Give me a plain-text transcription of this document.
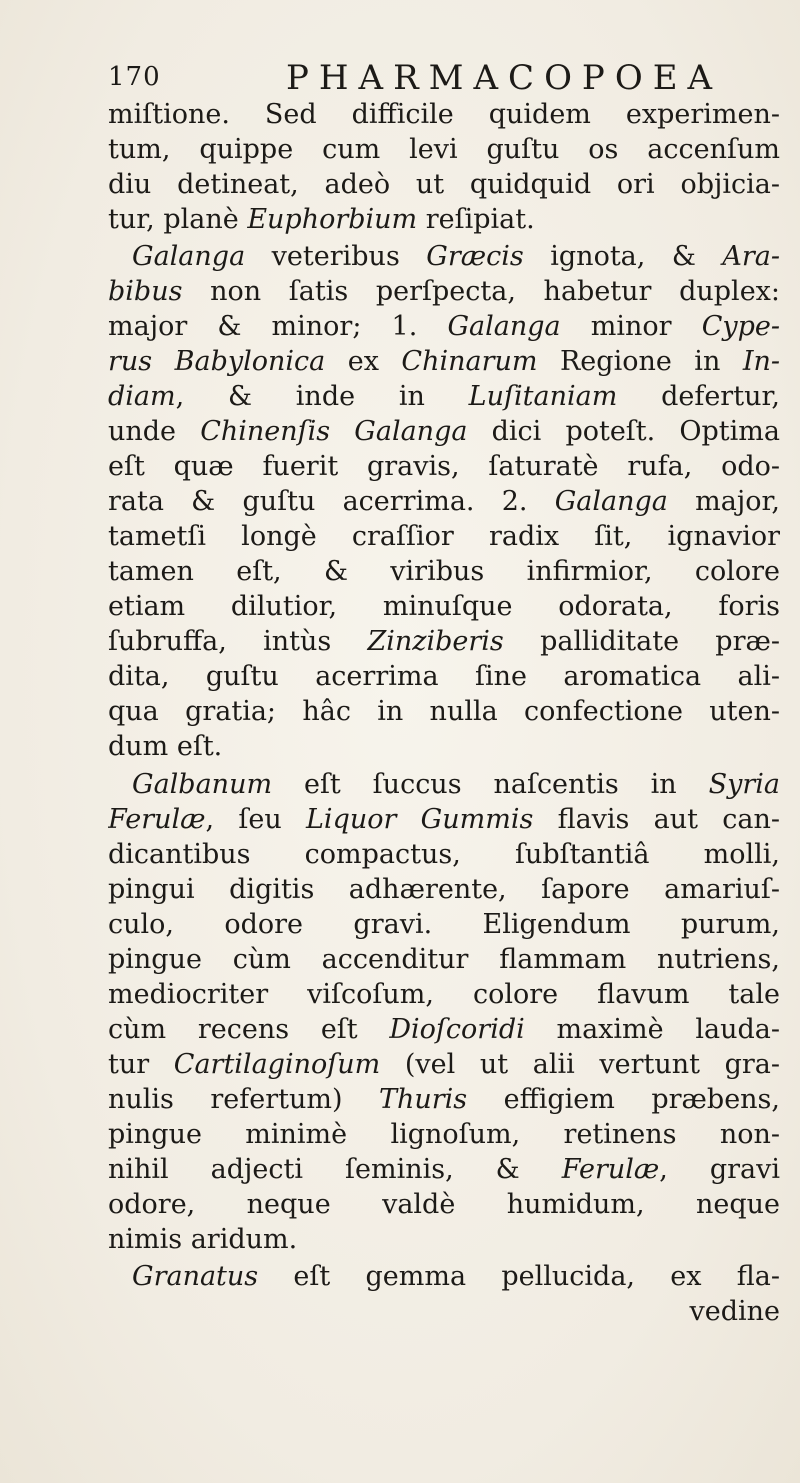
170	PHARMACOPOEA
miſtione. Sed difficile quidem experimen-
tum, quippe cum levi guſtu os accenſum
diu detineat, adeò ut quidquid ori objicia-
tur, planè Euphorbium reſipiat.
Galanga veteribus Græcis ignota, & Ara-
bibus non ſatis perſpecta, habetur duplex:
major & minor; 1. Galanga minor Cype-
rus Babylonica ex Chinarum Regione in In-
diam, & inde in Luſitaniam defertur,
unde Chinenſis Galanga dici poteſt. Optima
eſt quæ fuerit gravis, ſaturatè rufa, odo-
rata & guſtu acerrima. 2. Galanga major,
tametſi longè craſſior radix ſit, ignavior
tamen eſt, & viribus infirmior, colore
etiam dilutior, minuſque odorata, foris
ſubruffa, intùs Zinziberis palliditate præ-
dita, guſtu acerrima ſine aromatica ali-
qua gratia; hâc in nulla confectione uten-
dum eſt.
Galbanum eſt ſuccus naſcentis in Syria
Ferulæ, ſeu Liquor Gummis flavis aut can-
dicantibus compactus, ſubſtantiâ molli,
pingui digitis adhærente, ſapore amariuſ-
culo, odore gravi. Eligendum purum,
pingue cùm accenditur flammam nutriens,
mediocriter viſcoſum, colore flavum tale
cùm recens eſt Dioſcoridi maximè lauda-
tur Cartilaginoſum (vel ut alii vertunt gra-
nulis refertum) Thuris effigiem præbens,
pingue minimè lignoſum, retinens non-
nihil adjecti ſeminis, & Ferulæ, gravi
odore, neque valdè humidum, neque
nimis aridum.
Granatus eſt gemma pellucida, ex fla-
vedine
